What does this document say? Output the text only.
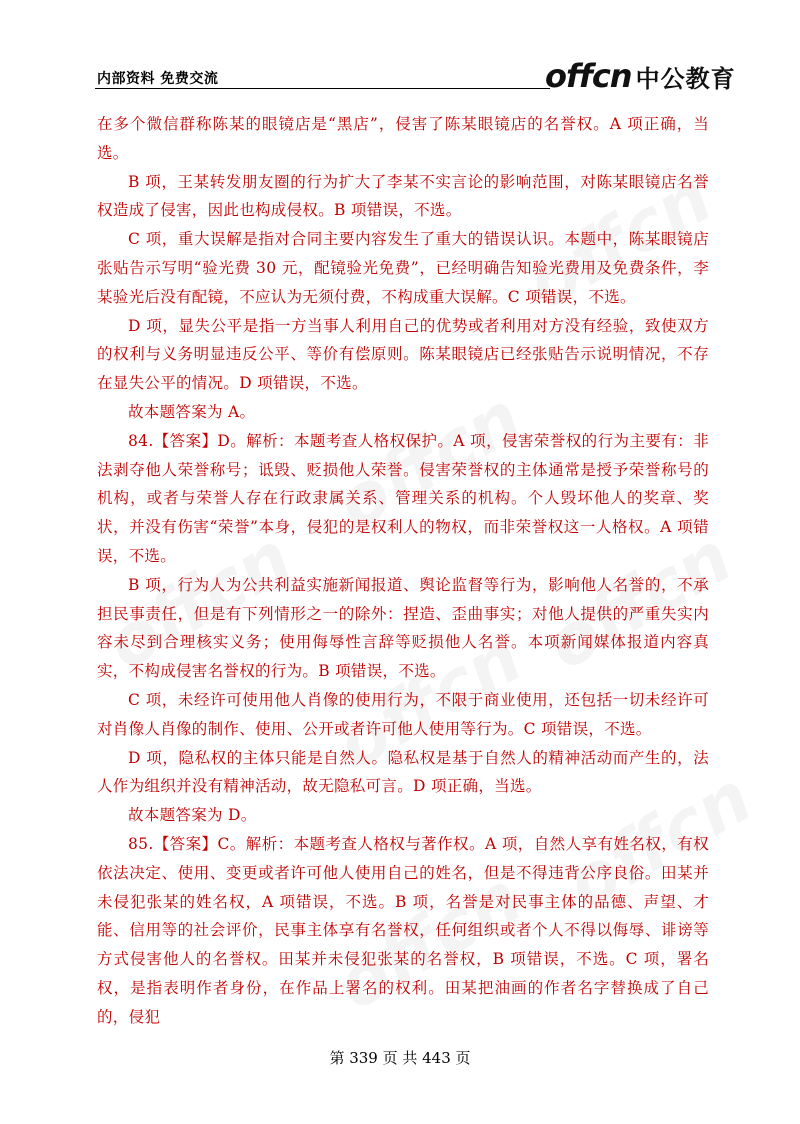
内部资料 免费交流	offcn 中公教育

在多个微信群称陈某的眼镜店是“黑店”，侵害了陈某眼镜店的名誉权。A 项正确，当选。

B 项，王某转发朋友圈的行为扩大了李某不实言论的影响范围，对陈某眼镜店名誉权造成了侵害，因此也构成侵权。B 项错误，不选。

C 项，重大误解是指对合同主要内容发生了重大的错误认识。本题中，陈某眼镜店张贴告示写明“验光费 30 元，配镜验光免费”，已经明确告知验光费用及免费条件，李某验光后没有配镜，不应认为无须付费，不构成重大误解。C 项错误，不选。

D 项，显失公平是指一方当事人利用自己的优势或者利用对方没有经验，致使双方的权利与义务明显违反公平、等价有偿原则。陈某眼镜店已经张贴告示说明情况，不存在显失公平的情况。D 项错误，不选。

故本题答案为 A。

84.【答案】D。解析：本题考查人格权保护。A 项，侵害荣誉权的行为主要有：非法剥夺他人荣誉称号；诋毁、贬损他人荣誉。侵害荣誉权的主体通常是授予荣誉称号的机构，或者与荣誉人存在行政隶属关系、管理关系的机构。个人毁坏他人的奖章、奖状，并没有伤害“荣誉”本身，侵犯的是权利人的物权，而非荣誉权这一人格权。A 项错误，不选。

B 项，行为人为公共利益实施新闻报道、舆论监督等行为，影响他人名誉的，不承担民事责任，但是有下列情形之一的除外：捏造、歪曲事实；对他人提供的严重失实内容未尽到合理核实义务；使用侮辱性言辞等贬损他人名誉。本项新闻媒体报道内容真实，不构成侵害名誉权的行为。B 项错误，不选。

C 项，未经许可使用他人肖像的使用行为，不限于商业使用，还包括一切未经许可对肖像人肖像的制作、使用、公开或者许可他人使用等行为。C 项错误，不选。

D 项，隐私权的主体只能是自然人。隐私权是基于自然人的精神活动而产生的，法人作为组织并没有精神活动，故无隐私可言。D 项正确，当选。

故本题答案为 D。

85.【答案】C。解析：本题考查人格权与著作权。A 项，自然人享有姓名权，有权依法决定、使用、变更或者许可他人使用自己的姓名，但是不得违背公序良俗。田某并未侵犯张某的姓名权，A 项错误，不选。B 项，名誉是对民事主体的品德、声望、才能、信用等的社会评价，民事主体享有名誉权，任何组织或者个人不得以侮辱、诽谤等方式侵害他人的名誉权。田某并未侵犯张某的名誉权，B 项错误，不选。C 项，署名权，是指表明作者身份，在作品上署名的权利。田某把油画的作者名字替换成了自己的，侵犯

第 339 页 共 443 页
